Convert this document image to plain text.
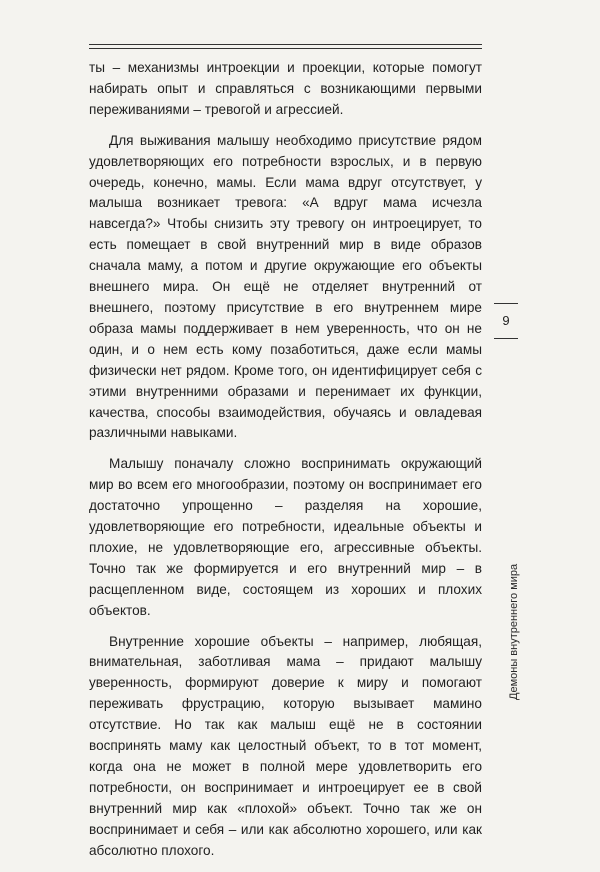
ты – механизмы интроекции и проекции, которые помогут набирать опыт и справляться с возникающими первыми переживаниями – тревогой и агрессией.

Для выживания малышу необходимо присутствие рядом удовлетворяющих его потребности взрослых, и в первую очередь, конечно, мамы. Если мама вдруг отсутствует, у малыша возникает тревога: «А вдруг мама исчезла навсегда?» Чтобы снизить эту тревогу он интроецирует, то есть помещает в свой внутренний мир в виде образов сначала маму, а потом и другие окружающие его объекты внешнего мира. Он ещё не отделяет внутренний от внешнего, поэтому присутствие в его внутреннем мире образа мамы поддерживает в нем уверенность, что он не один, и о нем есть кому позаботиться, даже если мамы физически нет рядом. Кроме того, он идентифицирует себя с этими внутренними образами и перенимает их функции, качества, способы взаимодействия, обучаясь и овладевая различными навыками.

Малышу поначалу сложно воспринимать окружающий мир во всем его многообразии, поэтому он воспринимает его достаточно упрощенно – разделяя на хорошие, удовлетворяющие его потребности, идеальные объекты и плохие, не удовлетворяющие его, агрессивные объекты. Точно так же формируется и его внутренний мир – в расщепленном виде, состоящем из хороших и плохих объектов.

Внутренние хорошие объекты – например, любящая, внимательная, заботливая мама – придают малышу уверенность, формируют доверие к миру и помогают переживать фрустрацию, которую вызывает мамино отсутствие. Но так как малыш ещё не в состоянии воспринять маму как целостный объект, то в тот момент, когда она не может в полной мере удовлетворить его потребности, он воспринимает и интроецирует ее в свой внутренний мир как «плохой» объект. Точно так же он воспринимает и себя – или как абсолютно хорошего, или как абсолютно плохого.

9
Демоны внутреннего мира
